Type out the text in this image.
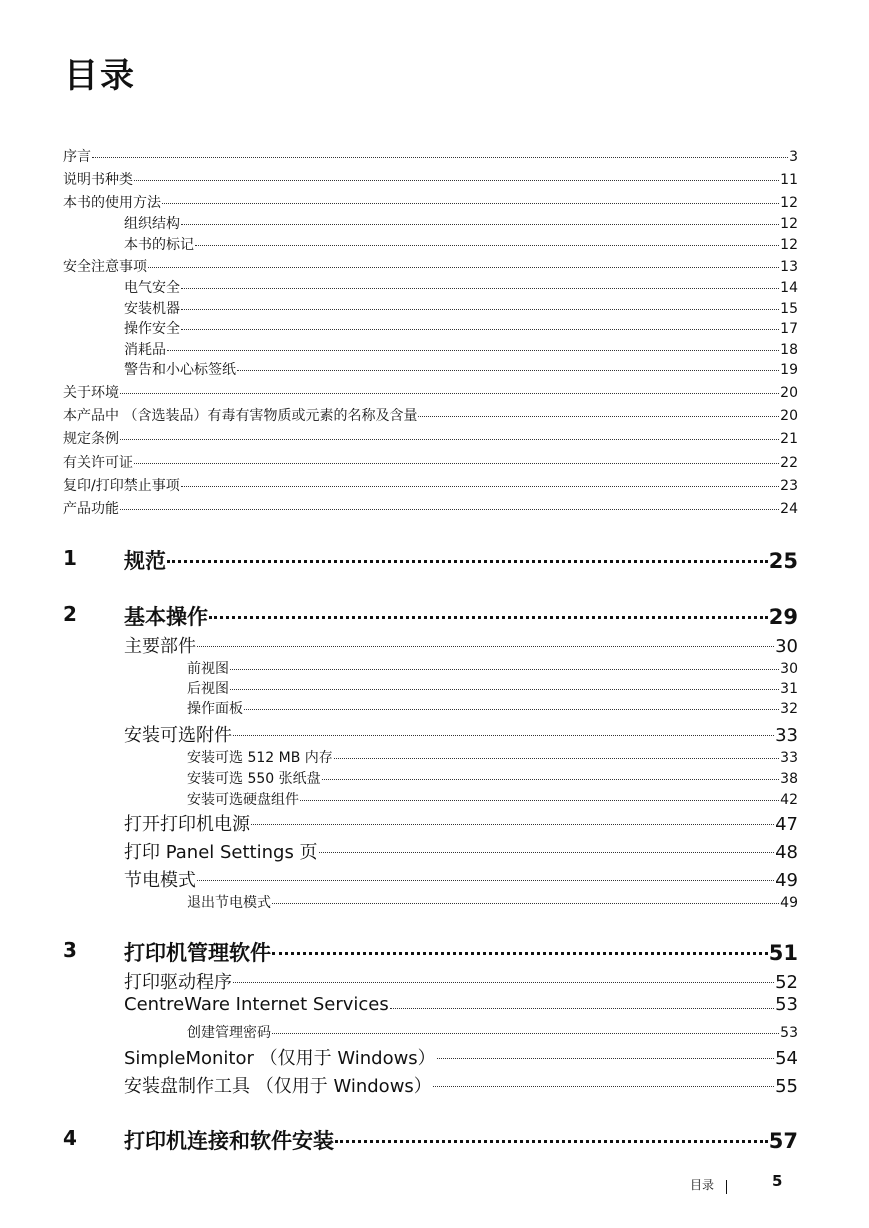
目录
序言	3
说明书种类	11
本书的使用方法	12
组织结构	12
本书的标记	12
安全注意事项	13
电气安全	14
安装机器	15
操作安全	17
消耗品	18
警告和小心标签纸	19
关于环境	20
本产品中 （含选装品）有毒有害物质或元素的名称及含量	20
规定条例	21
有关许可证	22
复印/打印禁止事项	23
产品功能	24
1 规范	25
2 基本操作	29
主要部件	30
前视图	30
后视图	31
操作面板	32
安装可选附件	33
安装可选 512 MB 内存	33
安装可选 550 张纸盘	38
安装可选硬盘组件	42
打开打印机电源	47
打印 Panel Settings 页	48
节电模式	49
退出节电模式	49
3 打印机管理软件	51
打印驱动程序	52
CentreWare Internet Services	53
创建管理密码	53
SimpleMonitor （仅用于 Windows）	54
安装盘制作工具 （仅用于 Windows）	55
4 打印机连接和软件安装	57
目录	5
